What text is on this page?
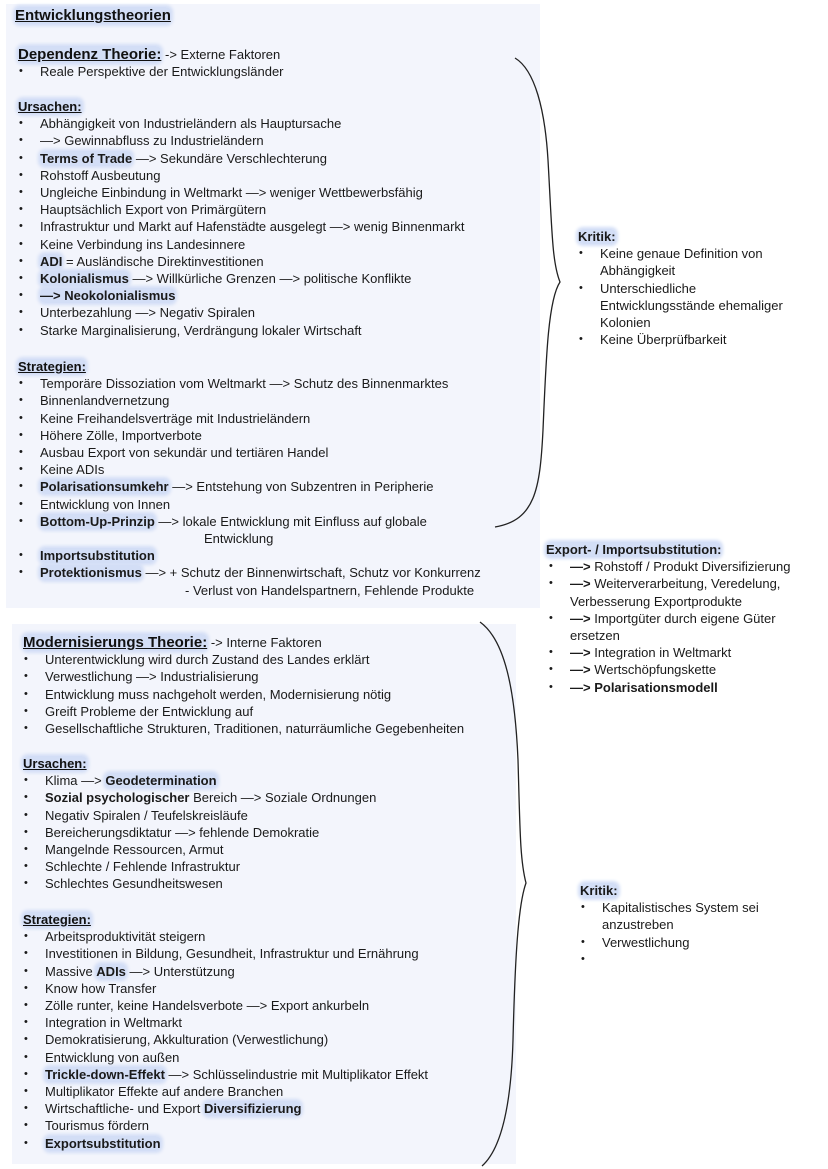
Entwicklungstheorien
Dependenz Theorie: -> Externe Faktoren
• Reale Perspektive der Entwicklungsländer
Ursachen:
• Abhängigkeit von Industrieländern als Hauptursache
• —> Gewinnabfluss zu Industrieländern
• Terms of Trade —> Sekundäre Verschlechterung
• Rohstoff Ausbeutung
• Ungleiche Einbindung in Weltmarkt —> weniger Wettbewerbsfähig
• Hauptsächlich Export von Primärgütern
• Infrastruktur und Markt auf Hafenstädte ausgelegt —> wenig Binnenmarkt
• Keine Verbindung ins Landesinnere
• ADI = Ausländische Direktinvestitionen
• Kolonialismus —> Willkürliche Grenzen —> politische Konflikte
• —> Neokolonialismus
• Unterbezahlung —> Negativ Spiralen
• Starke Marginalisierung, Verdrängung lokaler Wirtschaft
Strategien:
• Temporäre Dissoziation vom Weltmarkt —> Schutz des Binnenmarktes
• Binnenlandvernetzung
• Keine Freihandelsverträge mit Industrieländern
• Höhere Zölle, Importverbote
• Ausbau Export von sekundär und tertiären Handel
• Keine ADIs
• Polarisationsumkehr —> Entstehung von Subzentren in Peripherie
• Entwicklung von Innen
• Bottom-Up-Prinzip —> lokale Entwicklung mit Einfluss auf globale
Entwicklung
• Importsubstitution
• Protektionismus —> + Schutz der Binnenwirtschaft, Schutz vor Konkurrenz
- Verlust von Handelspartnern, Fehlende Produkte
Kritik:
• Keine genaue Definition von Abhängigkeit
• Unterschiedliche Entwicklungsstände ehemaliger Kolonien
• Keine Überprüfbarkeit
Export- / Importsubstitution:
• —> Rohstoff / Produkt Diversifizierung
• —> Weiterverarbeitung, Veredelung, Verbesserung Exportprodukte
• —> Importgüter durch eigene Güter ersetzen
• —> Integration in Weltmarkt
• —> Wertschöpfungskette
• —> Polarisationsmodell
Modernisierungs Theorie: -> Interne Faktoren
• Unterentwicklung wird durch Zustand des Landes erklärt
• Verwestlichung —> Industrialisierung
• Entwicklung muss nachgeholt werden, Modernisierung nötig
• Greift Probleme der Entwicklung auf
• Gesellschaftliche Strukturen, Traditionen, naturräumliche Gegebenheiten
Ursachen:
• Klima —> Geodetermination
• Sozial psychologischer Bereich —> Soziale Ordnungen
• Negativ Spiralen / Teufelskreisläufe
• Bereicherungsdiktatur —> fehlende Demokratie
• Mangelnde Ressourcen, Armut
• Schlechte / Fehlende Infrastruktur
• Schlechtes Gesundheitswesen
Strategien:
• Arbeitsproduktivität steigern
• Investitionen in Bildung, Gesundheit, Infrastruktur und Ernährung
• Massive ADIs —> Unterstützung
• Know how Transfer
• Zölle runter, keine Handelsverbote —> Export ankurbeln
• Integration in Weltmarkt
• Demokratisierung, Akkulturation (Verwestlichung)
• Entwicklung von außen
• Trickle-down-Effekt —> Schlüsselindustrie mit Multiplikator Effekt
• Multiplikator Effekte auf andere Branchen
• Wirtschaftliche- und Export Diversifizierung
• Tourismus fördern
• Exportsubstitution
Kritik:
• Kapitalistisches System sei anzustreben
• Verwestlichung
